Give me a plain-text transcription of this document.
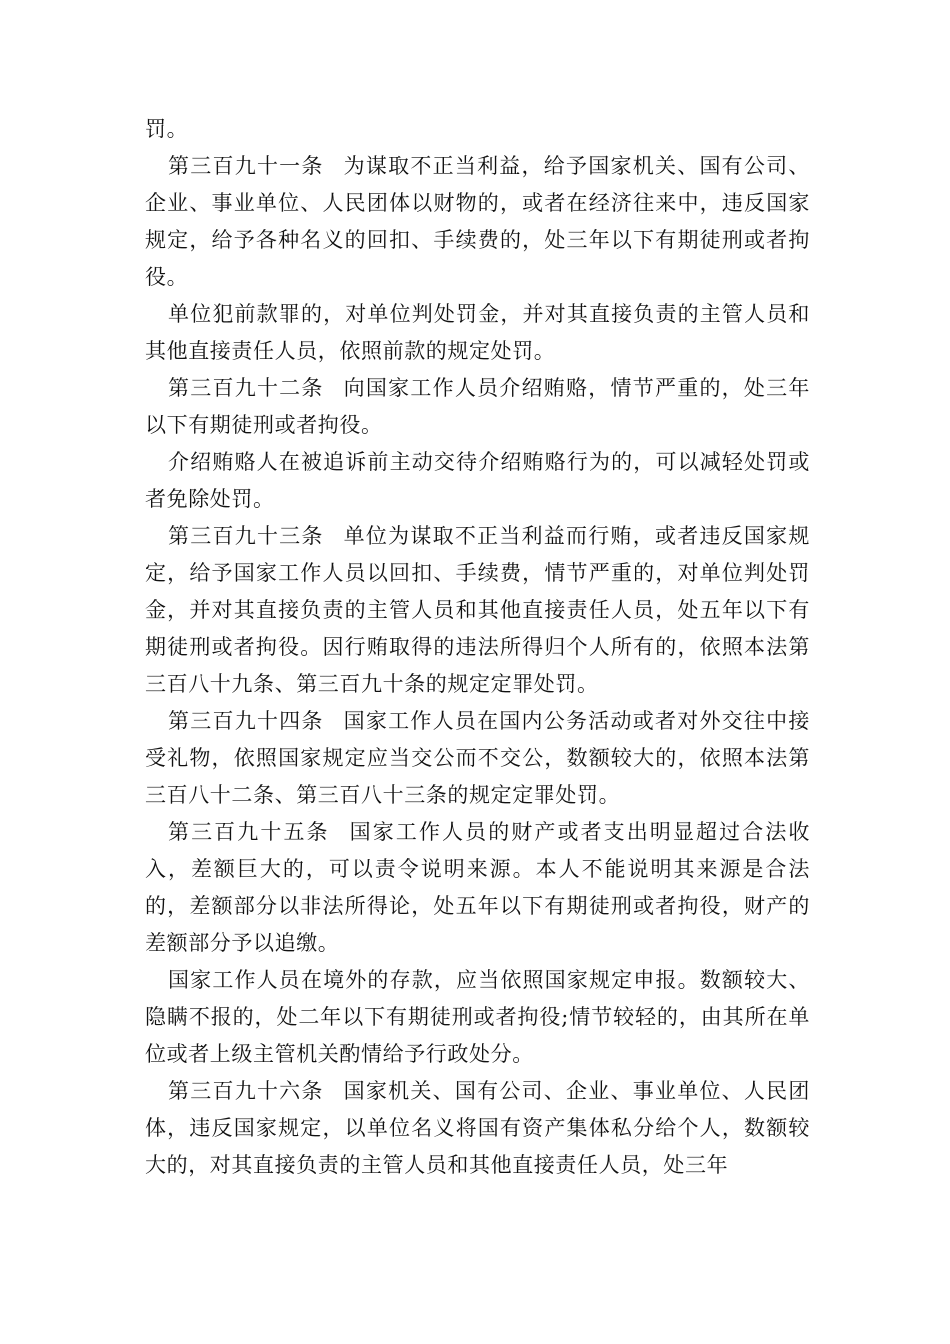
罚。

第三百九十一条 为谋取不正当利益，给予国家机关、国有公司、企业、事业单位、人民团体以财物的，或者在经济往来中，违反国家规定，给予各种名义的回扣、手续费的，处三年以下有期徒刑或者拘役。

单位犯前款罪的，对单位判处罚金，并对其直接负责的主管人员和其他直接责任人员，依照前款的规定处罚。

第三百九十二条 向国家工作人员介绍贿赂，情节严重的，处三年以下有期徒刑或者拘役。

介绍贿赂人在被追诉前主动交待介绍贿赂行为的，可以减轻处罚或者免除处罚。

第三百九十三条 单位为谋取不正当利益而行贿，或者违反国家规定，给予国家工作人员以回扣、手续费，情节严重的，对单位判处罚金，并对其直接负责的主管人员和其他直接责任人员，处五年以下有期徒刑或者拘役。因行贿取得的违法所得归个人所有的，依照本法第三百八十九条、第三百九十条的规定定罪处罚。

第三百九十四条 国家工作人员在国内公务活动或者对外交往中接受礼物，依照国家规定应当交公而不交公，数额较大的，依照本法第三百八十二条、第三百八十三条的规定定罪处罚。

第三百九十五条 国家工作人员的财产或者支出明显超过合法收入，差额巨大的，可以责令说明来源。本人不能说明其来源是合法的，差额部分以非法所得论，处五年以下有期徒刑或者拘役，财产的差额部分予以追缴。

国家工作人员在境外的存款，应当依照国家规定申报。数额较大、隐瞒不报的，处二年以下有期徒刑或者拘役;情节较轻的，由其所在单位或者上级主管机关酌情给予行政处分。

第三百九十六条 国家机关、国有公司、企业、事业单位、人民团体，违反国家规定，以单位名义将国有资产集体私分给个人，数额较大的，对其直接负责的主管人员和其他直接责任人员，处三年
